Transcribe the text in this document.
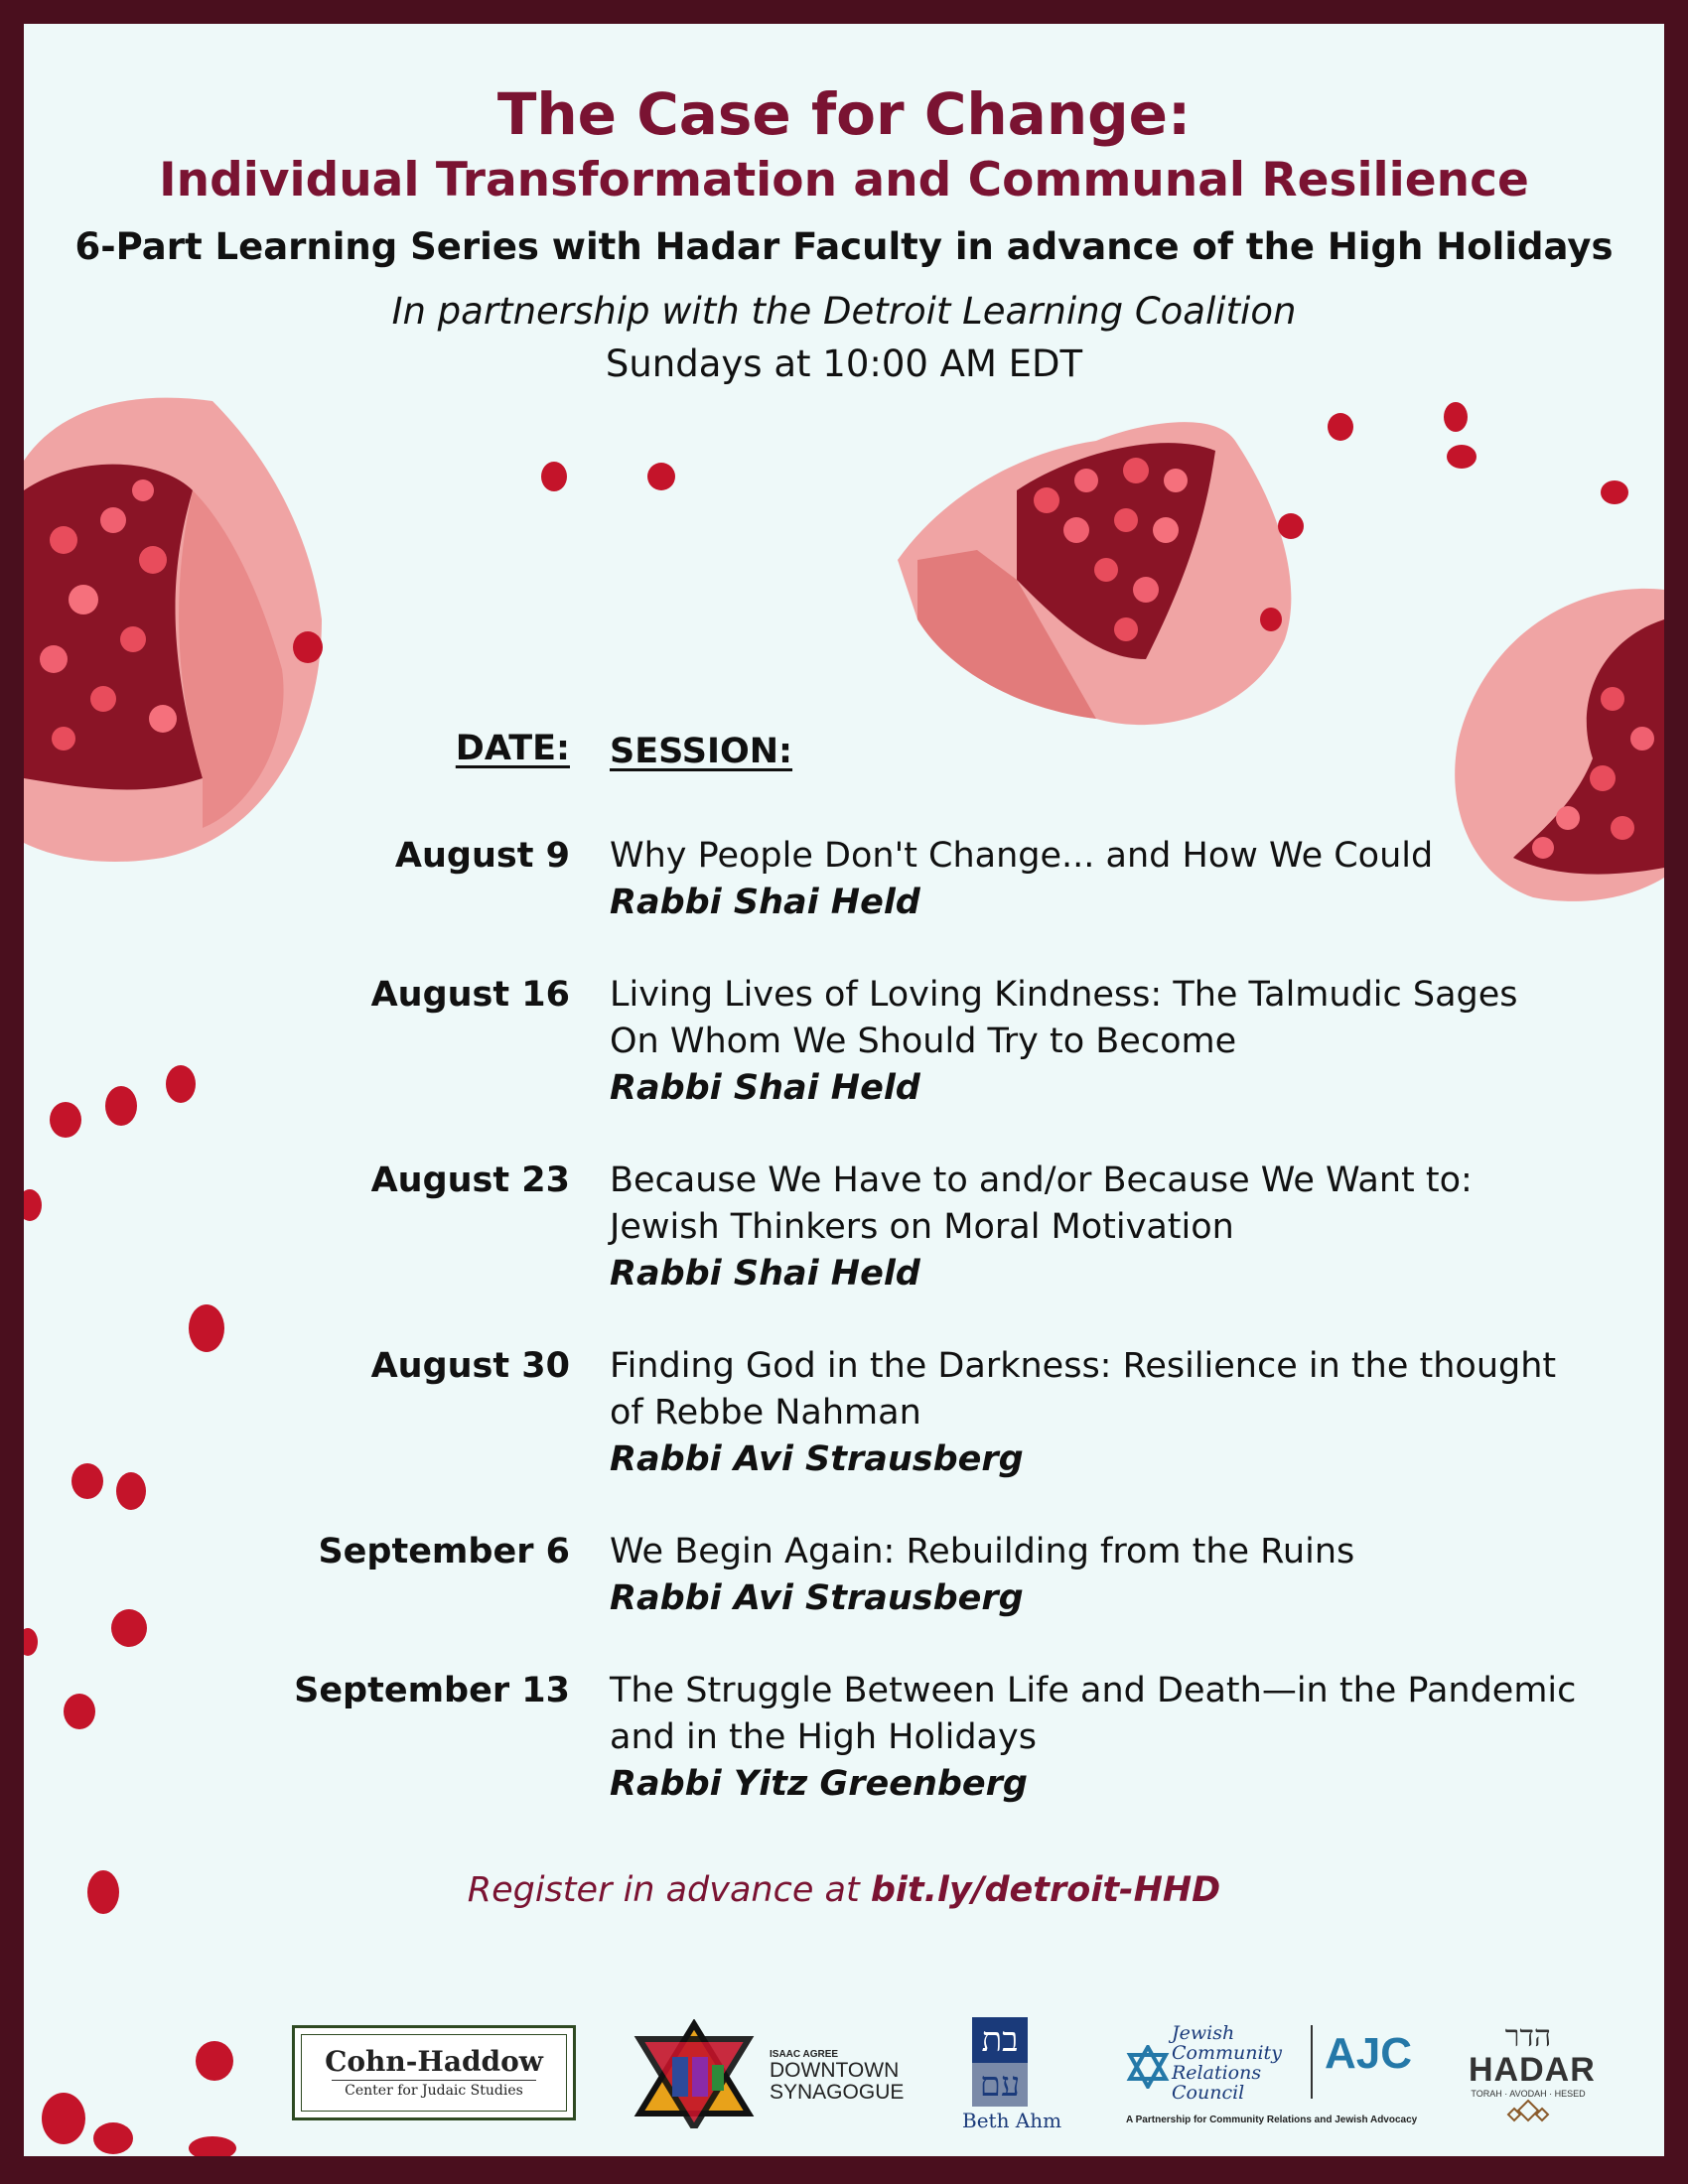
The Case for Change:
Individual Transformation and Communal Resilience
6-Part Learning Series with Hadar Faculty in advance of the High Holidays
In partnership with the Detroit Learning Coalition
Sundays at 10:00 AM EDT
DATE:	SESSION:
August 9	Why People Don't Change... and How We Could
Rabbi Shai Held
August 16	Living Lives of Loving Kindness: The Talmudic Sages
On Whom We Should Try to Become
Rabbi Shai Held
August 23	Because We Have to and/or Because We Want to:
Jewish Thinkers on Moral Motivation
Rabbi Shai Held
August 30	Finding God in the Darkness: Resilience in the thought
of Rebbe Nahman
Rabbi Avi Strausberg
September 6	We Begin Again: Rebuilding from the Ruins
Rabbi Avi Strausberg
September 13	The Struggle Between Life and Death—in the Pandemic
and in the High Holidays
Rabbi Yitz Greenberg
Register in advance at bit.ly/detroit-HHD
Cohn-Haddow
Center for Judaic Studies
ISAAC AGREE
DOWNTOWN
SYNAGOGUE
בת
עם
Beth Ahm
Jewish
Community
Relations
Council
AJC
A Partnership for Community Relations and Jewish Advocacy
הדר
HADAR
TORAH · AVODAH · HESED
